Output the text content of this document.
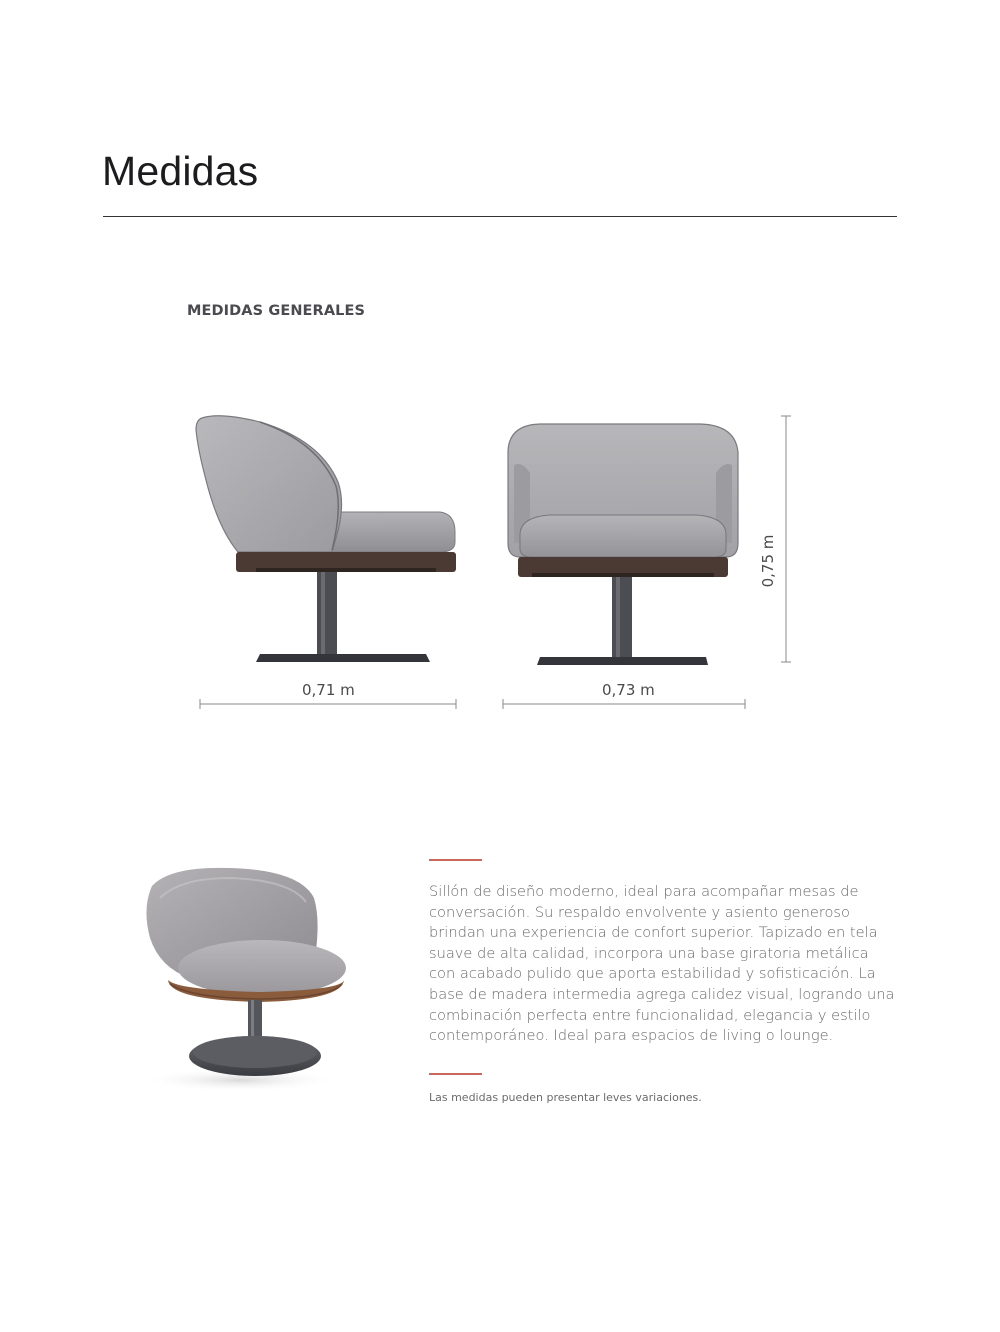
Medidas
MEDIDAS GENERALES
0,71 m	0,73 m
0,75 m

Sillón de diseño moderno, ideal para acompañar mesas de conversación. Su respaldo envolvente y asiento generoso brindan una experiencia de confort superior. Tapizado en tela suave de alta calidad, incorpora una base giratoria metálica con acabado pulido que aporta estabilidad y sofisticación. La base de madera intermedia agrega calidez visual, logrando una combinación perfecta entre funcionalidad, elegancia y estilo contemporáneo. Ideal para espacios de living o lounge.

Las medidas pueden presentar leves variaciones.
